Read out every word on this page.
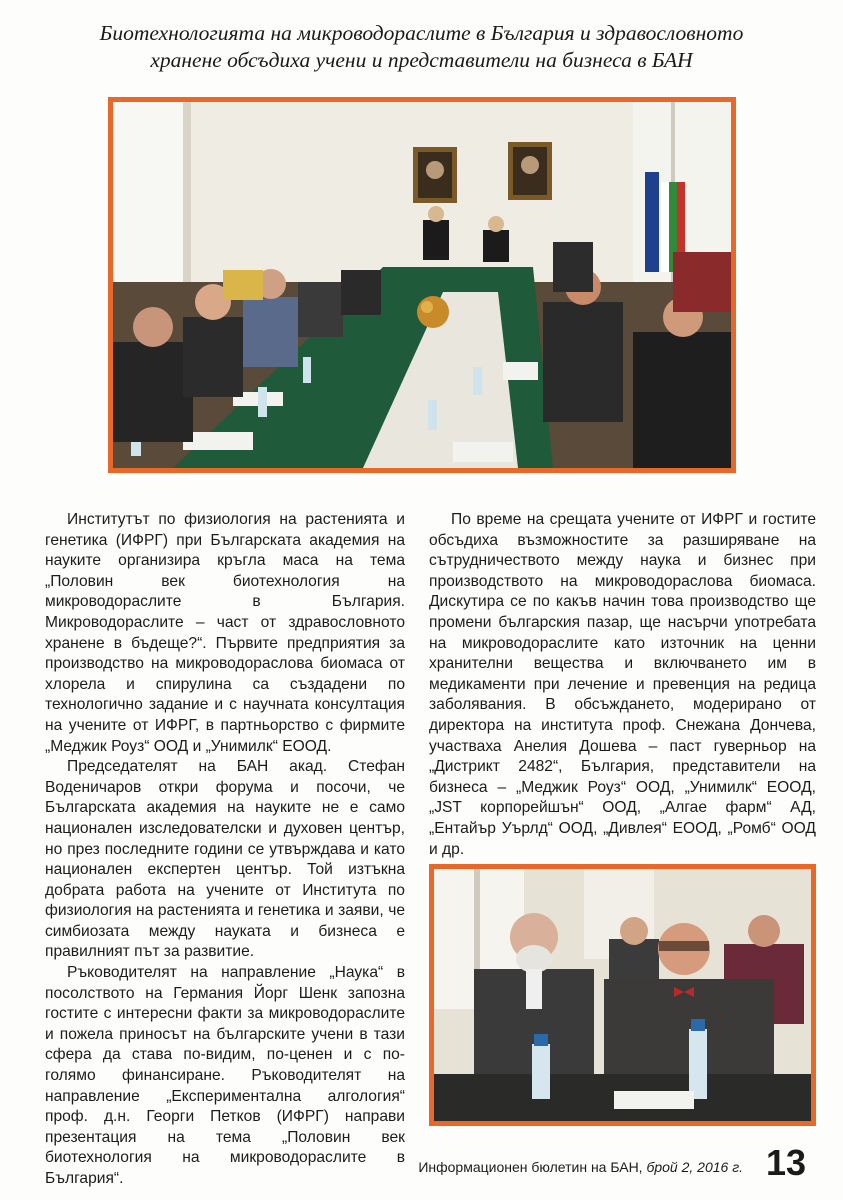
Биотехнологията на микроводораслите в България и здравословното
хранене обсъдиха учени и представители на бизнеса в БАН

Институтът по физиология на растенията и генетика (ИФРГ) при Българската академия на науките организира кръгла маса на тема „Половин век биотехнология на микроводораслите в България. Микроводораслите – част от здравословното хранене в бъдеще?“. Първите предприятия за производство на микроводораслова биомаса от хлорела и спирулина са създадени по технологично задание и с научната консултация на учените от ИФРГ, в партньорство с фирмите „Меджик Роуз“ ООД и „Унимилк“ ЕООД.

Председателят на БАН акад. Стефан Воденичаров откри форума и посочи, че Българската академия на науките не е само национален изследователски и духовен център, но през последните години се утвърждава и като национален експертен център. Той изтъкна добрата работа на учените от Института по физиология на растенията и генетика и заяви, че симбиозата между науката и бизнеса е правилният път за развитие.

Ръководителят на направление „Наука“ в посолството на Германия Йорг Шенк запозна гостите с интересни факти за микроводораслите и пожела приносът на българските учени в тази сфера да става по-видим, по-ценен и с по-голямо финансиране. Ръководителят на направление „Експериментална алгология“ проф. д.н. Георги Петков (ИФРГ) направи презентация на тема „Половин век биотехнология на микроводораслите в България“.

По време на срещата учените от ИФРГ и гостите обсъдиха възможностите за разширяване на сътрудничеството между наука и бизнес при производството на микроводораслова биомаса. Дискутира се по какъв начин това производство ще промени българския пазар, ще насърчи употребата на микроводораслите като източник на ценни хранителни вещества и включването им в медикаменти при лечение и превенция на редица заболявания. В обсъждането, модерирано от директора на института проф. Снежана Дончева, участваха Анелия Дошева – паст гуверньор на „Дистрикт 2482“, България, представители на бизнеса – „Меджик Роуз“ ООД, „Унимилк“ ЕООД, „JST корпорейшън“ ООД, „Алгае фарм“ АД, „Ентайър Уърлд“ ООД, „Дивлея“ ЕООД, „Ромб“ ООД и др.

Информационен бюлетин на БАН, брой 2, 2016 г. 13
